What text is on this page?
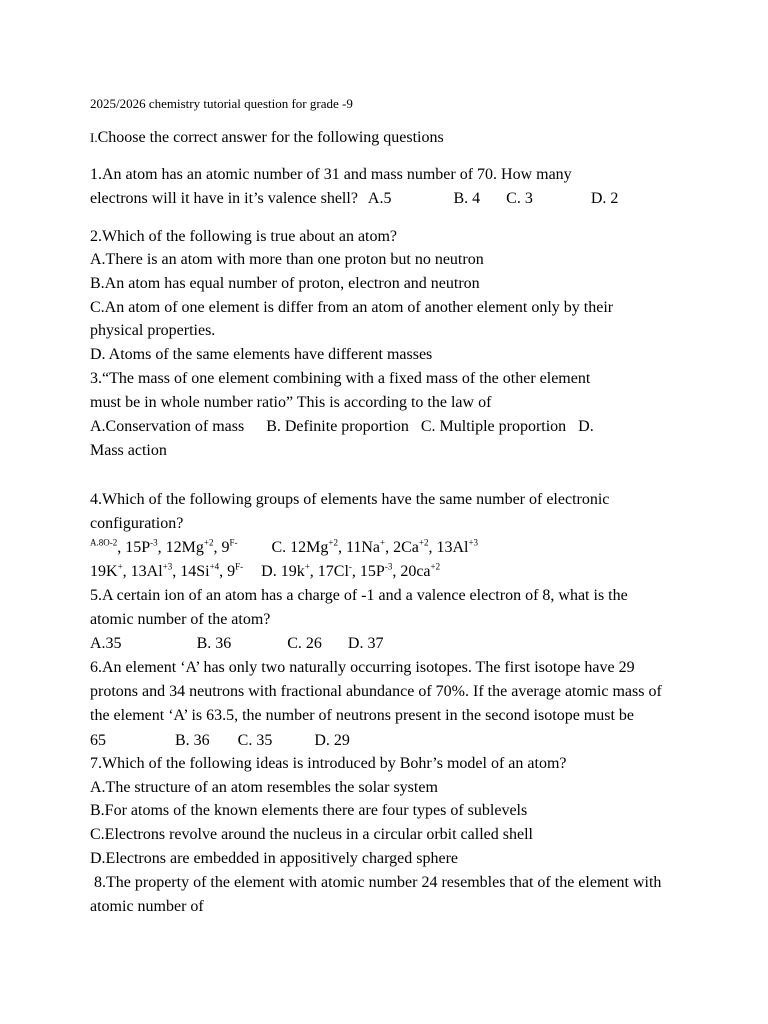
2025/2026 chemistry tutorial question for grade -9
I.Choose the correct answer for the following questions
1.An atom has an atomic number of 31 and mass number of 70. How many
electrons will it have in it’s valence shell? A.5	B. 4 C. 3	D. 2
2.Which of the following is true about an atom?
A.There is an atom with more than one proton but no neutron
B.An atom has equal number of proton, electron and neutron
C.An atom of one element is differ from an atom of another element only by their
physical properties.
D. Atoms of the same elements have different masses
3.“The mass of one element combining with a fixed mass of the other element
must be in whole number ratio” This is according to the law of
A.Conservation of mass B. Definite proportion C. Multiple proportion D.
Mass action
4.Which of the following groups of elements have the same number of electronic
configuration?
$^{A.8O-2}$, $15P^{-3}$, $12Mg^{+2}$, $9^{F-}$ C. $12Mg^{+2}$, 11Na+, $2Ca^{+2}$, $13Al^{+3}$
19K+, $13Al^{+3}$, $14Si^{+4}$, $9^{F-}$ D. 19k+, 17Cl-, $15P^{-3}$, $20ca^{+2}$
5.A certain ion of an atom has a charge of -1 and a valence electron of 8, what is the
atomic number of the atom?
A.35	B. 36	C. 26 D. 37
6.An element ‘A’ has only two naturally occurring isotopes. The first isotope have 29
protons and 34 neutrons with fractional abundance of 70%. If the average atomic mass of
the element ‘A’ is 63.5, the number of neutrons present in the second isotope must be
65	B. 36 C. 35	D. 29
7.Which of the following ideas is introduced by Bohr’s model of an atom?
A.The structure of an atom resembles the solar system
B.For atoms of the known elements there are four types of sublevels
C.Electrons revolve around the nucleus in a circular orbit called shell
D.Electrons are embedded in appositively charged sphere
8.The property of the element with atomic number 24 resembles that of the element with
atomic number of
